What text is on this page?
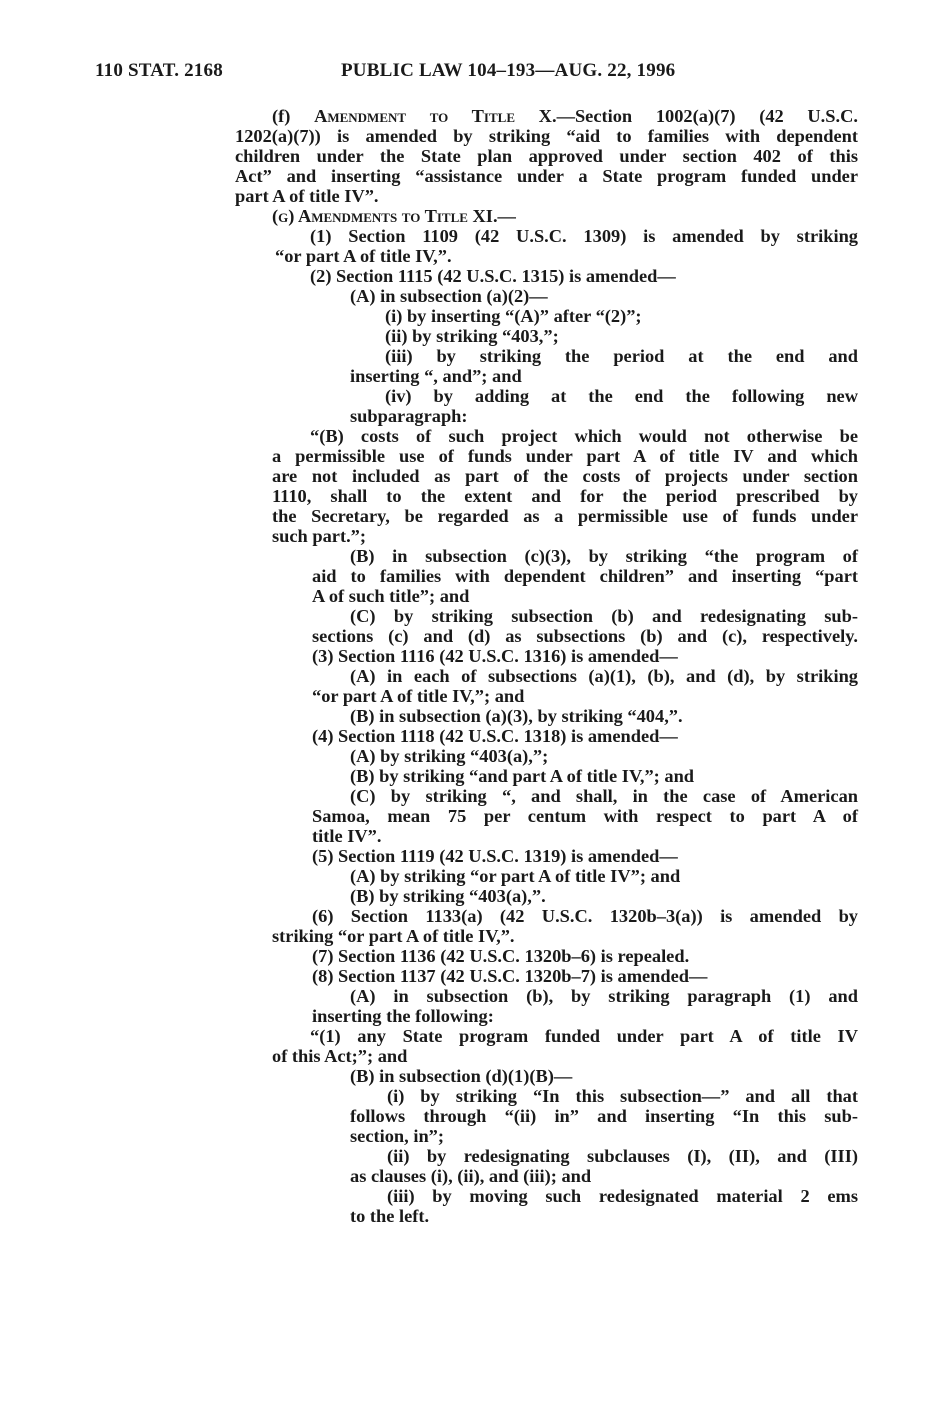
110 STAT. 2168	PUBLIC LAW 104–193—AUG. 22, 1996
(f) Amendment to Title X.—Section 1002(a)(7) (42 U.S.C.
1202(a)(7)) is amended by striking “aid to families with dependent
children under the State plan approved under section 402 of this
Act” and inserting “assistance under a State program funded under
part A of title IV”.
(g) Amendments to Title XI.—
(1) Section 1109 (42 U.S.C. 1309) is amended by striking
“or part A of title IV,”.
(2) Section 1115 (42 U.S.C. 1315) is amended—
(A) in subsection (a)(2)—
(i) by inserting “(A)” after “(2)”;
(ii) by striking “403,”;
(iii) by striking the period at the end and
inserting “, and”; and
(iv) by adding at the end the following new
subparagraph:
“(B) costs of such project which would not otherwise be
a permissible use of funds under part A of title IV and which
are not included as part of the costs of projects under section
1110, shall to the extent and for the period prescribed by
the Secretary, be regarded as a permissible use of funds under
such part.”;
(B) in subsection (c)(3), by striking “the program of
aid to families with dependent children” and inserting “part
A of such title”; and
(C) by striking subsection (b) and redesignating sub-
sections (c) and (d) as subsections (b) and (c), respectively.
(3) Section 1116 (42 U.S.C. 1316) is amended—
(A) in each of subsections (a)(1), (b), and (d), by striking
“or part A of title IV,”; and
(B) in subsection (a)(3), by striking “404,”.
(4) Section 1118 (42 U.S.C. 1318) is amended—
(A) by striking “403(a),”;
(B) by striking “and part A of title IV,”; and
(C) by striking “, and shall, in the case of American
Samoa, mean 75 per centum with respect to part A of
title IV”.
(5) Section 1119 (42 U.S.C. 1319) is amended—
(A) by striking “or part A of title IV”; and
(B) by striking “403(a),”.
(6) Section 1133(a) (42 U.S.C. 1320b–3(a)) is amended by
striking “or part A of title IV,”.
(7) Section 1136 (42 U.S.C. 1320b–6) is repealed.
(8) Section 1137 (42 U.S.C. 1320b–7) is amended—
(A) in subsection (b), by striking paragraph (1) and
inserting the following:
“(1) any State program funded under part A of title IV
of this Act;”; and
(B) in subsection (d)(1)(B)—
(i) by striking “In this subsection—” and all that
follows through “(ii) in” and inserting “In this sub-
section, in”;
(ii) by redesignating subclauses (I), (II), and (III)
as clauses (i), (ii), and (iii); and
(iii) by moving such redesignated material 2 ems
to the left.
